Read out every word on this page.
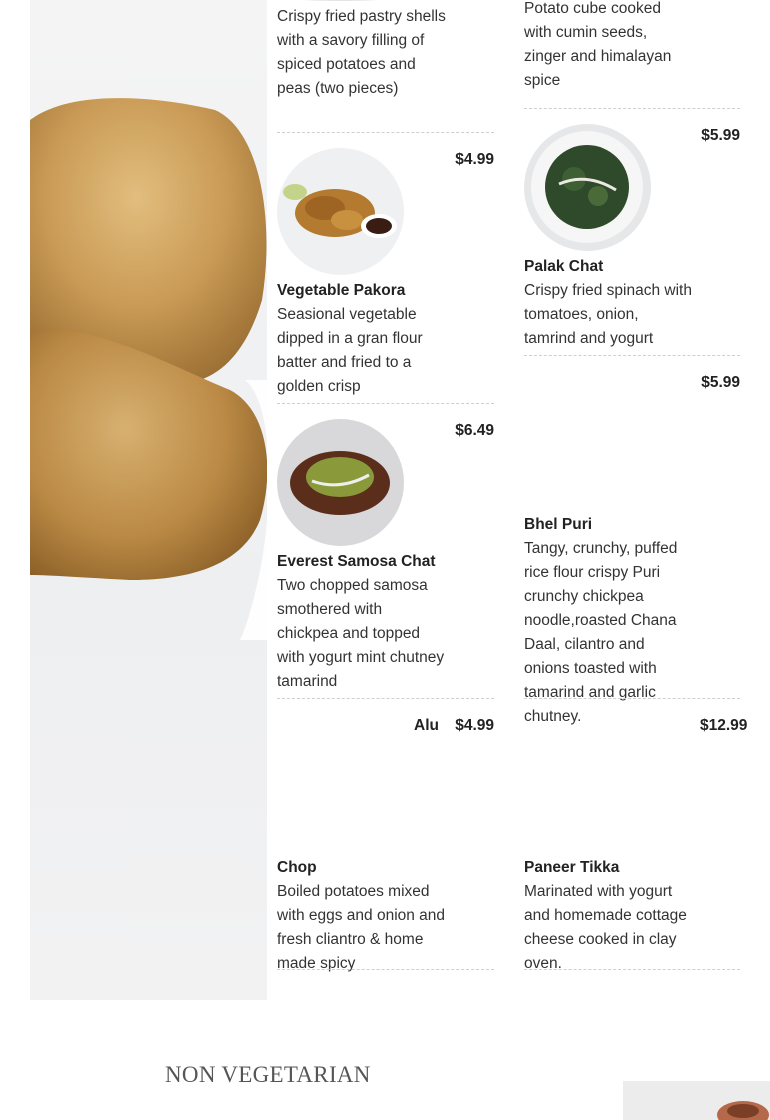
Crispy fried pastry shells with a savory filling of spiced potatoes and peas (two pieces)
Potato cube cooked with cumin seeds, zinger and himalayan spice
Vegetable Pakora
Seasional vegetable dipped in a gran flour batter and fried to a golden crisp
$4.99
Palak Chat
Crispy fried spinach with tomatoes, onion, tamrind and yogurt
$5.99
Everest Samosa Chat
Two chopped samosa smothered with chickpea and topped with yogurt mint chutney tamarind
$6.49
Bhel Puri
Tangy, crunchy, puffed rice flour crispy Puri crunchy chickpea noodle,roasted Chana Daal, cilantro and onions toasted with tamarind and garlic chutney.
$5.99
Alu Chop
Boiled potatoes mixed with eggs and onion and fresh cliantro & home made spicy
$4.99
Paneer Tikka
Marinated with yogurt and homemade cottage cheese cooked in clay oven.
$12.99
NON VEGETARIAN
